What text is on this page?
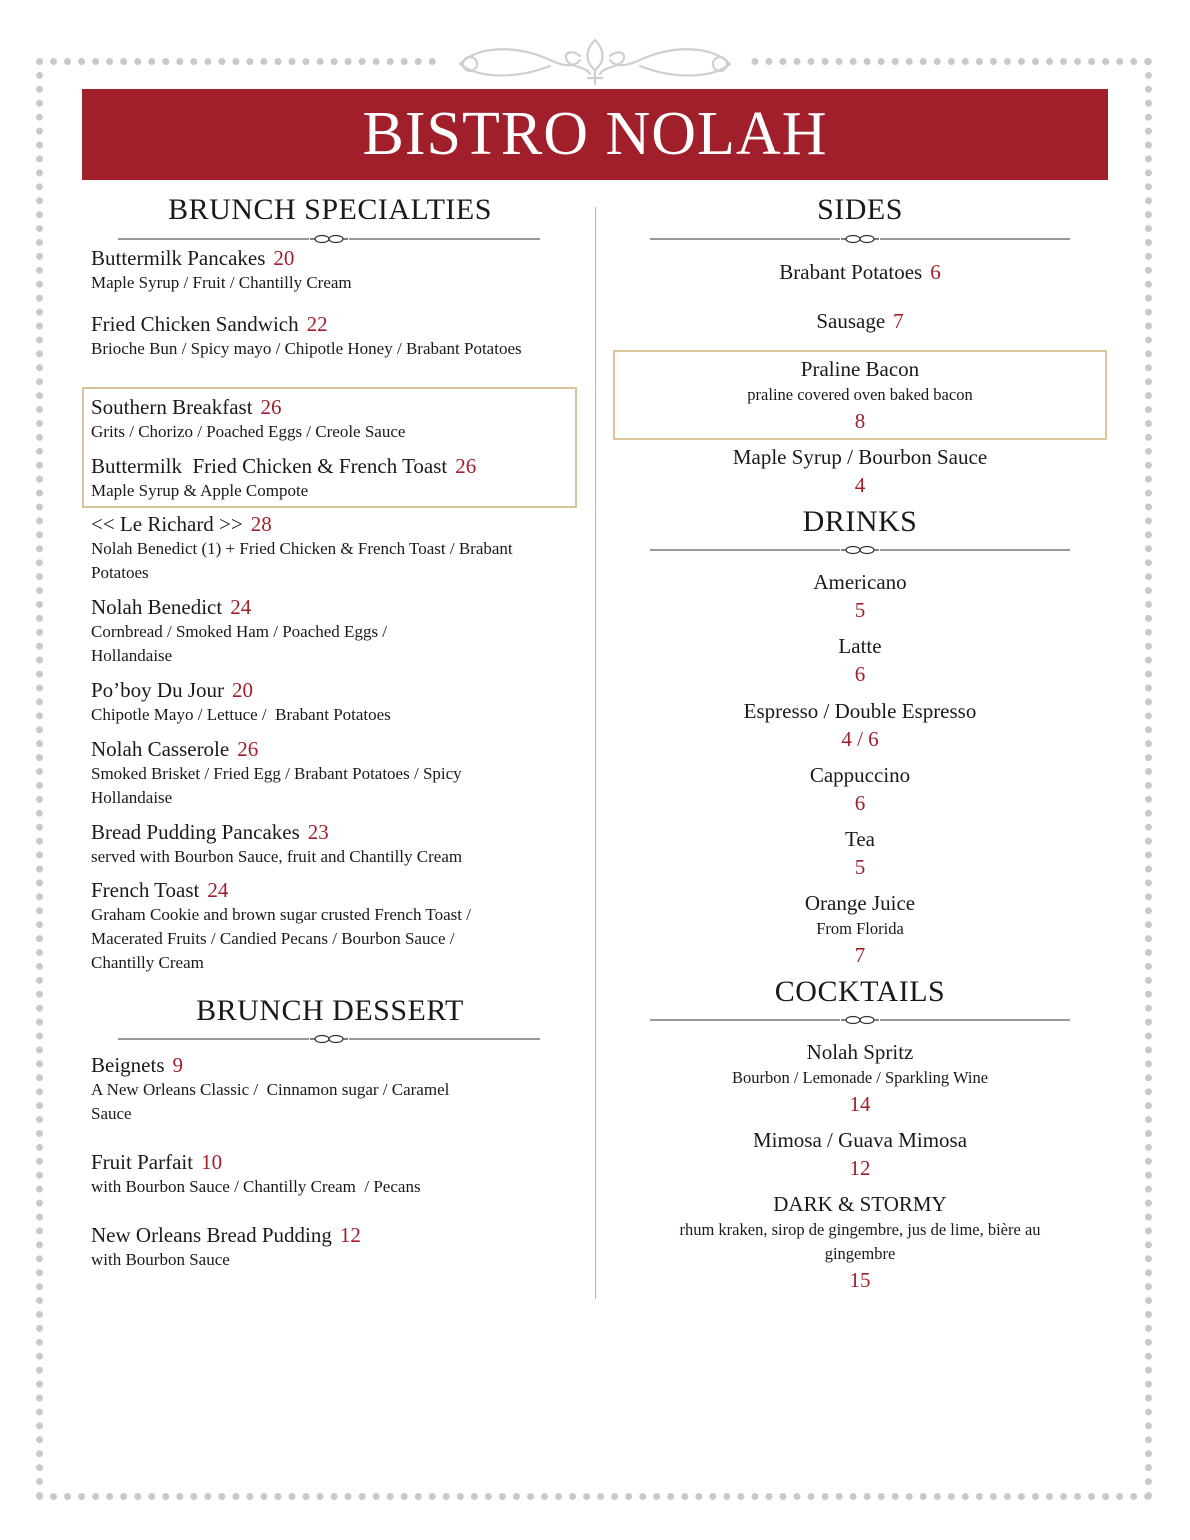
BISTRO NOLAH
BRUNCH SPECIALTIES
Buttermilk Pancakes 20
Maple Syrup / Fruit / Chantilly Cream
Fried Chicken Sandwich 22
Brioche Bun / Spicy mayo / Chipotle Honey / Brabant Potatoes
Southern Breakfast 26
Grits / Chorizo / Poached Eggs / Creole Sauce
Buttermilk  Fried Chicken & French Toast 26
Maple Syrup & Apple Compote
<< Le Richard >> 28
Nolah Benedict (1) + Fried Chicken & French Toast / Brabant Potatoes
Nolah Benedict 24
Cornbread / Smoked Ham / Poached Eggs / Hollandaise
Po’boy Du Jour 20
Chipotle Mayo / Lettuce /  Brabant Potatoes
Nolah Casserole 26
Smoked Brisket / Fried Egg / Brabant Potatoes / Spicy Hollandaise
Bread Pudding Pancakes 23
served with Bourbon Sauce, fruit and Chantilly Cream
French Toast 24
Graham Cookie and brown sugar crusted French Toast / Macerated Fruits / Candied Pecans / Bourbon Sauce / Chantilly Cream
BRUNCH DESSERT
Beignets 9
A New Orleans Classic /  Cinnamon sugar / Caramel Sauce
Fruit Parfait 10
with Bourbon Sauce / Chantilly Cream  / Pecans
New Orleans Bread Pudding 12
with Bourbon Sauce
SIDES
Brabant Potatoes 6
Sausage 7
Praline Bacon
praline covered oven baked bacon
8
Maple Syrup / Bourbon Sauce
4
DRINKS
Americano
5
Latte
6
Espresso / Double Espresso
4 / 6
Cappuccino
6
Tea
5
Orange Juice
From Florida
7
COCKTAILS
Nolah Spritz
Bourbon / Lemonade / Sparkling Wine
14
Mimosa / Guava Mimosa
12
DARK & STORMY
rhum kraken, sirop de gingembre, jus de lime, bière au gingembre
15
